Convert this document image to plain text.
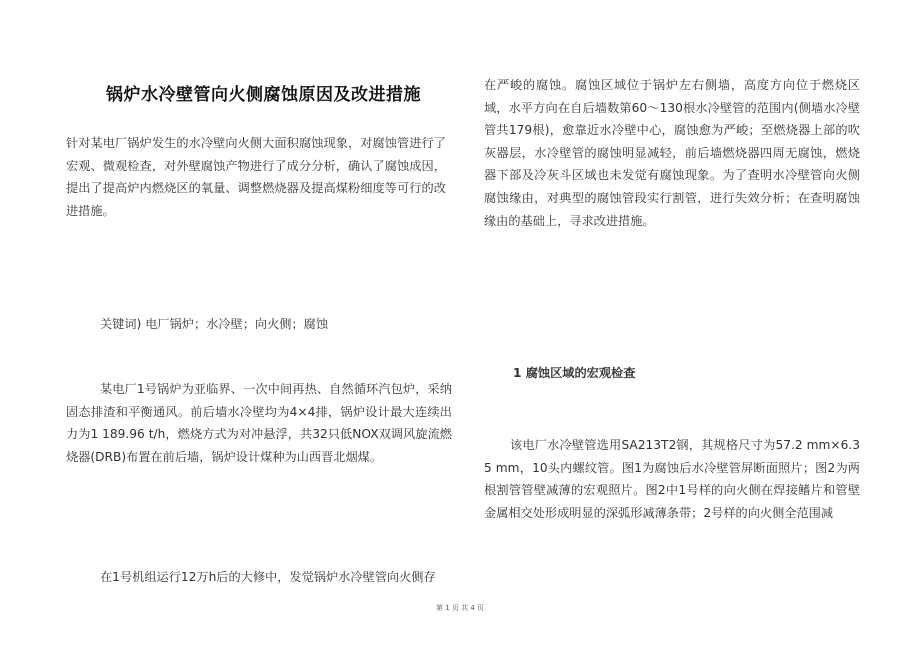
锅炉水冷壁管向火侧腐蚀原因及改进措施

针对某电厂锅炉发生的水冷壁向火侧大面积腐蚀现象，对腐蚀管进行了宏观、微观检查，对外壁腐蚀产物进行了成分分析，确认了腐蚀成因，提出了提高炉内燃烧区的氧量、调整燃烧器及提高煤粉细度等可行的改进措施。

关键词) 电厂锅炉；水冷壁；向火侧；腐蚀

某电厂1号锅炉为亚临界、一次中间再热、自然循环汽包炉，采纳固态排渣和平衡通风。前后墙水冷壁均为4×4排，锅炉设计最大连续出力为1 189.96 t/h，燃烧方式为对冲悬浮，共32只低NOX双调风旋流燃烧器(DRB)布置在前后墙，锅炉设计煤种为山西晋北烟煤。

在1号机组运行12万h后的大修中，发觉锅炉水冷壁管向火侧存

在严峻的腐蚀。腐蚀区域位于锅炉左右侧墙，高度方向位于燃烧区域，水平方向在自后墙数第60～130根水冷壁管的范围内(侧墙水冷壁管共179根)，愈靠近水冷壁中心，腐蚀愈为严峻；至燃烧器上部的吹灰器层，水冷壁管的腐蚀明显减轻，前后墙燃烧器四周无腐蚀，燃烧器下部及冷灰斗区域也未发觉有腐蚀现象。为了查明水冷壁管向火侧腐蚀缘由，对典型的腐蚀管段实行割管，进行失效分析；在查明腐蚀缘由的基础上，寻求改进措施。

1 腐蚀区域的宏观检查

该电厂水冷壁管选用SA213T2钢，其规格尺寸为57.2 mm×6.35 mm，10头内螺纹管。图1为腐蚀后水冷壁管屏断面照片；图2为两根割管管壁减薄的宏观照片。图2中1号样的向火侧在焊接鳍片和管壁金属相交处形成明显的深弧形减薄条带；2号样的向火侧全范围减

第 1 页 共 4 页
